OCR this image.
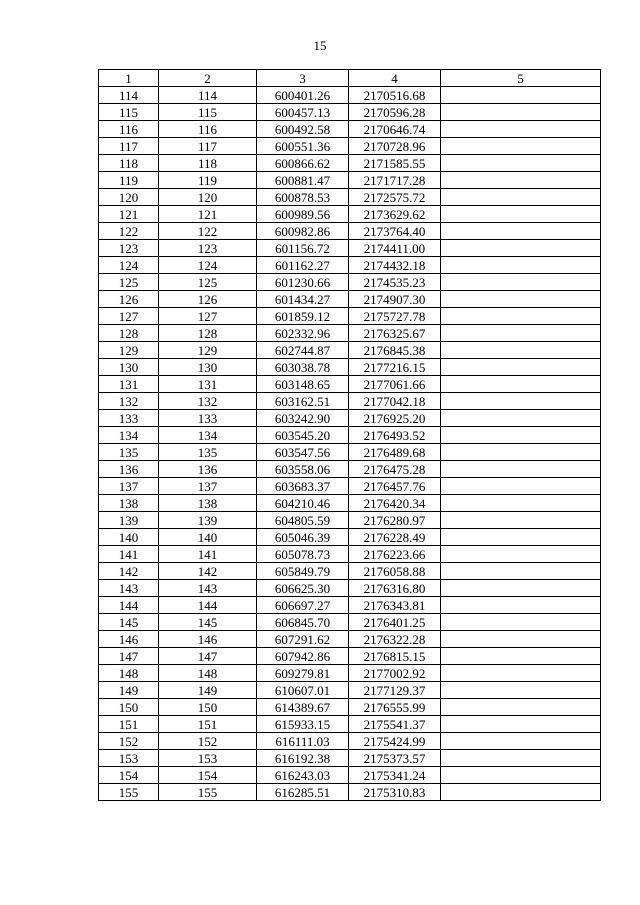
15
1	2	3	4	5
114	114	600401.26	2170516.68	
115	115	600457.13	2170596.28	
116	116	600492.58	2170646.74	
117	117	600551.36	2170728.96	
118	118	600866.62	2171585.55	
119	119	600881.47	2171717.28	
120	120	600878.53	2172575.72	
121	121	600989.56	2173629.62	
122	122	600982.86	2173764.40	
123	123	601156.72	2174411.00	
124	124	601162.27	2174432.18	
125	125	601230.66	2174535.23	
126	126	601434.27	2174907.30	
127	127	601859.12	2175727.78	
128	128	602332.96	2176325.67	
129	129	602744.87	2176845.38	
130	130	603038.78	2177216.15	
131	131	603148.65	2177061.66	
132	132	603162.51	2177042.18	
133	133	603242.90	2176925.20	
134	134	603545.20	2176493.52	
135	135	603547.56	2176489.68	
136	136	603558.06	2176475.28	
137	137	603683.37	2176457.76	
138	138	604210.46	2176420.34	
139	139	604805.59	2176280.97	
140	140	605046.39	2176228.49	
141	141	605078.73	2176223.66	
142	142	605849.79	2176058.88	
143	143	606625.30	2176316.80	
144	144	606697.27	2176343.81	
145	145	606845.70	2176401.25	
146	146	607291.62	2176322.28	
147	147	607942.86	2176815.15	
148	148	609279.81	2177002.92	
149	149	610607.01	2177129.37	
150	150	614389.67	2176555.99	
151	151	615933.15	2175541.37	
152	152	616111.03	2175424.99	
153	153	616192.38	2175373.57	
154	154	616243.03	2175341.24	
155	155	616285.51	2175310.83	
